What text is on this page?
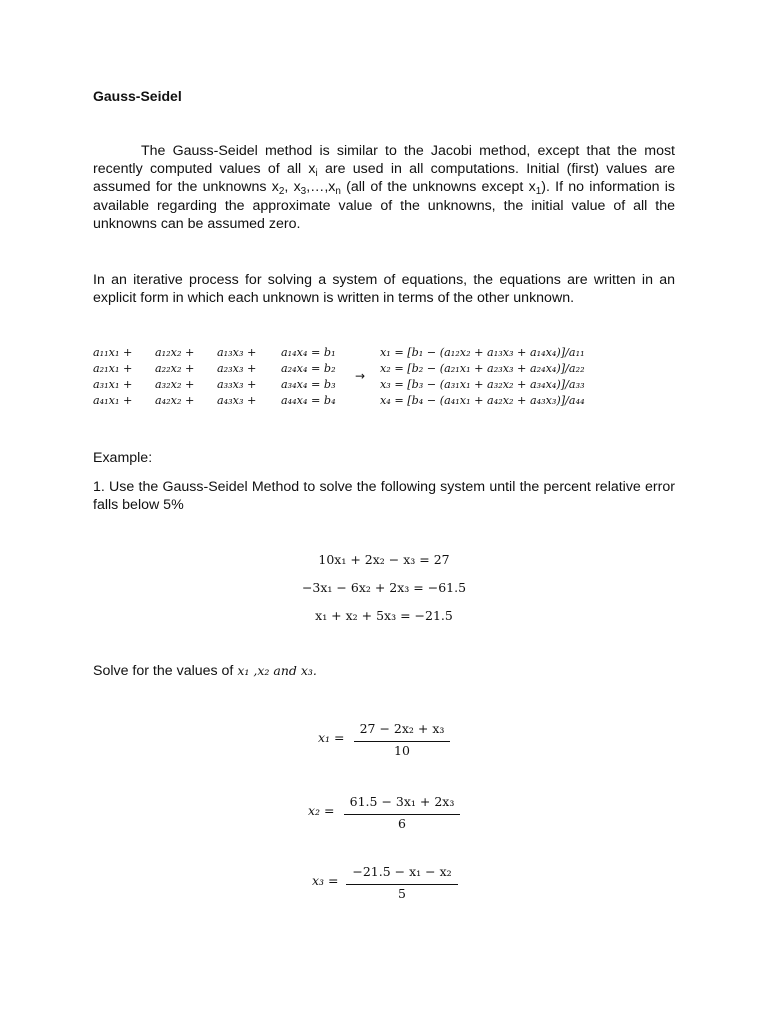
Gauss-Seidel
The Gauss-Seidel method is similar to the Jacobi method, except that the most recently computed values of all $x_i$ are used in all computations. Initial (first) values are assumed for the unknowns $x_2$, $x_3,\dots,x_n$ (all of the unknowns except $x_1$). If no information is available regarding the approximate value of the unknowns, the initial value of all the unknowns can be assumed zero.
In an iterative process for solving a system of equations, the equations are written in an explicit form in which each unknown is written in terms of the other unknown.
a₁₁x₁ + a₁₂x₂ + a₁₃x₃ + a₁₄x₄ = b₁
a₂₁x₁ + a₂₂x₂ + a₂₃x₃ + a₂₄x₄ = b₂
a₃₁x₁ + a₃₂x₂ + a₃₃x₃ + a₃₄x₄ = b₃
a₄₁x₁ + a₄₂x₂ + a₄₃x₃ + a₄₄x₄ = b₄
→
x₁ = [b₁ − (a₁₂x₂ + a₁₃x₃ + a₁₄x₄)]/a₁₁
x₂ = [b₂ − (a₂₁x₁ + a₂₃x₃ + a₂₄x₄)]/a₂₂
x₃ = [b₃ − (a₃₁x₁ + a₃₂x₂ + a₃₄x₄)]/a₃₃
x₄ = [b₄ − (a₄₁x₁ + a₄₂x₂ + a₄₃x₃)]/a₄₄
Example:
1. Use the Gauss-Seidel Method to solve the following system until the percent relative error falls below 5%
10x₁ + 2x₂ − x₃ = 27
−3x₁ − 6x₂ + 2x₃ = −61.5
x₁ + x₂ + 5x₃ = −21.5
Solve for the values of x₁ ,x₂ and x₃.
x₁ =
27 − 2x₂ + x₃
10
x₂ =
61.5 − 3x₁ + 2x₃
6
x₃ =
−21.5 − x₁ − x₂
5
